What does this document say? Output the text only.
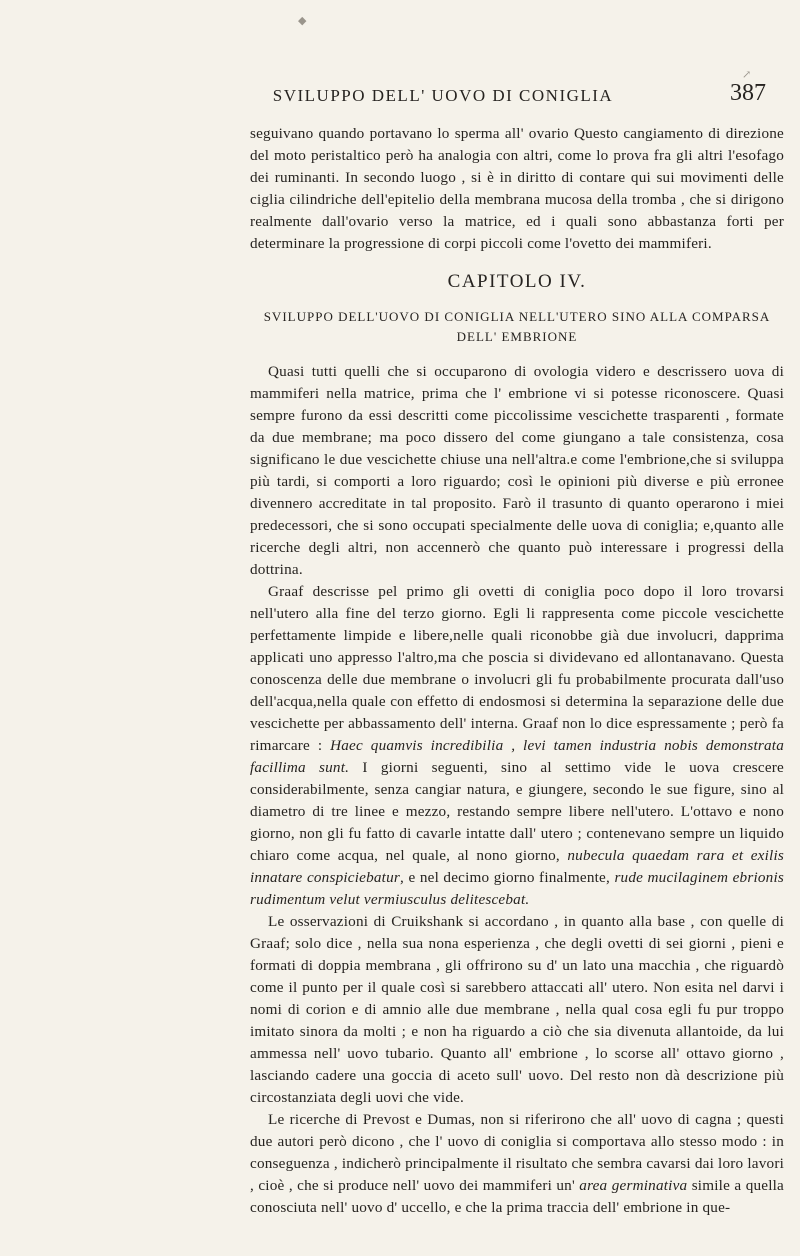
◆
↗
SVILUPPO DELL' UOVO DI CONIGLIA	387

seguivano quando portavano lo sperma all' ovario Questo cangiamento di direzione del moto peristaltico però ha analogia con altri, come lo prova fra gli altri l'esofago dei ruminanti. In secondo luogo , si è in diritto di contare qui sui movimenti delle ciglia cilindriche dell'epitelio della membrana mucosa della tromba , che si dirigono realmente dall'ovario verso la matrice, ed i quali sono abbastanza forti per determinare la progressione di corpi piccoli come l'ovetto dei mammiferi.

CAPITOLO IV.
SVILUPPO DELL'UOVO DI CONIGLIA NELL'UTERO SINO ALLA COMPARSA
DELL' EMBRIONE

Quasi tutti quelli che si occuparono di ovologia videro e descrissero uova di mammiferi nella matrice, prima che l' embrione vi si potesse riconoscere. Quasi sempre furono da essi descritti come piccolissime vescichette trasparenti , formate da due membrane; ma poco dissero del come giungano a tale consistenza, cosa significano le due vescichette chiuse una nell'altra.e come l'embrione,che si sviluppa più tardi, si comporti a loro riguardo; così le opinioni più diverse e più erronee divennero accreditate in tal proposito. Farò il trasunto di quanto operarono i miei predecessori, che si sono occupati specialmente delle uova di coniglia; e,quanto alle ricerche degli altri, non accennerò che quanto può interessare i progressi della dottrina.

Graaf descrisse pel primo gli ovetti di coniglia poco dopo il loro trovarsi nell'utero alla fine del terzo giorno. Egli li rappresenta come piccole vescichette perfettamente limpide e libere,nelle quali riconobbe già due involucri, dapprima applicati uno appresso l'altro,ma che poscia si dividevano ed allontanavano. Questa conoscenza delle due membrane o involucri gli fu probabilmente procurata dall'uso dell'acqua,nella quale con effetto di endosmosi si determina la separazione delle due vescichette per abbassamento dell' interna. Graaf non lo dice espressamente ; però fa rimarcare : Haec quamvis incredibilia , levi tamen industria nobis demonstrata facillima sunt. I giorni seguenti, sino al settimo vide le uova crescere considerabilmente, senza cangiar natura, e giungere, secondo le sue figure, sino al diametro di tre linee e mezzo, restando sempre libere nell'utero. L'ottavo e nono giorno, non gli fu fatto di cavarle intatte dall' utero ; contenevano sempre un liquido chiaro come acqua, nel quale, al nono giorno, nubecula quaedam rara et exilis innatare conspiciebatur, e nel decimo giorno finalmente, rude mucilaginem ebrionis rudimentum velut vermiusculus delitescebat.

Le osservazioni di Cruikshank si accordano , in quanto alla base , con quelle di Graaf; solo dice , nella sua nona esperienza , che degli ovetti di sei giorni , pieni e formati di doppia membrana , gli offrirono su d' un lato una macchia , che riguardò come il punto per il quale così si sarebbero attaccati all' utero. Non esita nel darvi i nomi di corion e di amnio alle due membrane , nella qual cosa egli fu pur troppo imitato sinora da molti ; e non ha riguardo a ciò che sia divenuta allantoide, da lui ammessa nell' uovo tubario. Quanto all' embrione , lo scorse all' ottavo giorno , lasciando cadere una goccia di aceto sull' uovo. Del resto non dà descrizione più circostanziata degli uovi che vide.

Le ricerche di Prevost e Dumas, non si riferirono che all' uovo di cagna ; questi due autori però dicono , che l' uovo di coniglia si comportava allo stesso modo : in conseguenza , indicherò principalmente il risultato che sembra cavarsi dai loro lavori , cioè , che si produce nell' uovo dei mammiferi un' area germinativa simile a quella conosciuta nell' uovo d' uccello, e che la prima traccia dell' embrione in que-
